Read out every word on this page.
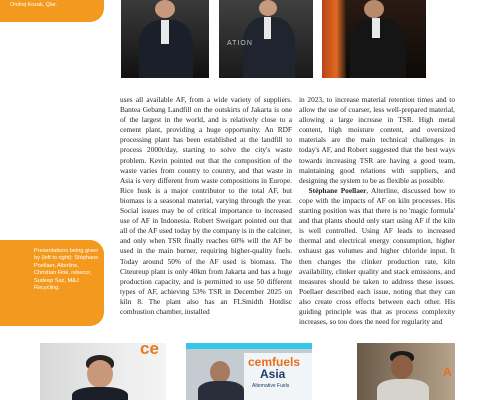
Ondrej Kozak, Qlar.
ATION
Presentations being given by (left to right): Stéphane Poellaer, Alterline, Christian Fink, rebecor, Sudeep Saz, M&J Recycling.
uses all available AF, from a wide variety of suppliers. Bantea Gebang Landfill on the outskirts of Jakarta is one of the largest in the world, and is relatively close to a cement plant, providing a huge opportunity. An RDF processing plant has been established at the landfill to process 2000t/day, starting to solve the city's waste problem. Kevin pointed out that the composition of the waste varies from country to country, and that waste in Asia is very different from waste compositions in Europe. Rice husk is a major contributor to the total AF, but biomass is a seasonal material, varying through the year. Social issues may be of critical importance to increased use of AF in Indonesia. Robert Sweigart pointed out that all of the AF used today by the company is in the calciner, and only when TSR finally reaches 60% will the AF be used in the main burner, requiring higher-quality fuels. Today around 50% of the AF used is biomass. The Citeureup plant is only 40km from Jakarta and has a huge production capacity, and is permitted to use 50 different types of AF, achieving 53% TSR in December 2025 on kiln 8. The plant also has an FLSmidth Hotdisc combustion chamber, installed
in 2023, to increase material retention times and to allow the use of coarser, less well-prepared material, allowing a large increase in TSR. High metal content, high moisture content, and oversized materials are the main technical challenges in today's AF, and Robert suggested that the best ways towards increasing TSR are having a good team, maintaining good relations with suppliers, and designing the system to be as flexible as possible.
Stéphane Poellaer, Alterline, discussed how to cope with the impacts of AF on kiln processes. His starting position was that there is no 'magic formula' and that plants should only start using AF if the kiln is well controlled. Using AF leads to increased thermal and electrical energy consumption, higher exhaust gas volumes and higher chloride input. It then changes the clinker production rate, kiln availability, clinker quality and stack emissions, and measures should be taken to address these issues. Poellaer described each issue, noting that they can also create cross effects between each other. His guiding principle was that as process complexity increases, so too does the need for regularity and
ce
cemfuels
Asia
Alternative Fuels
A
